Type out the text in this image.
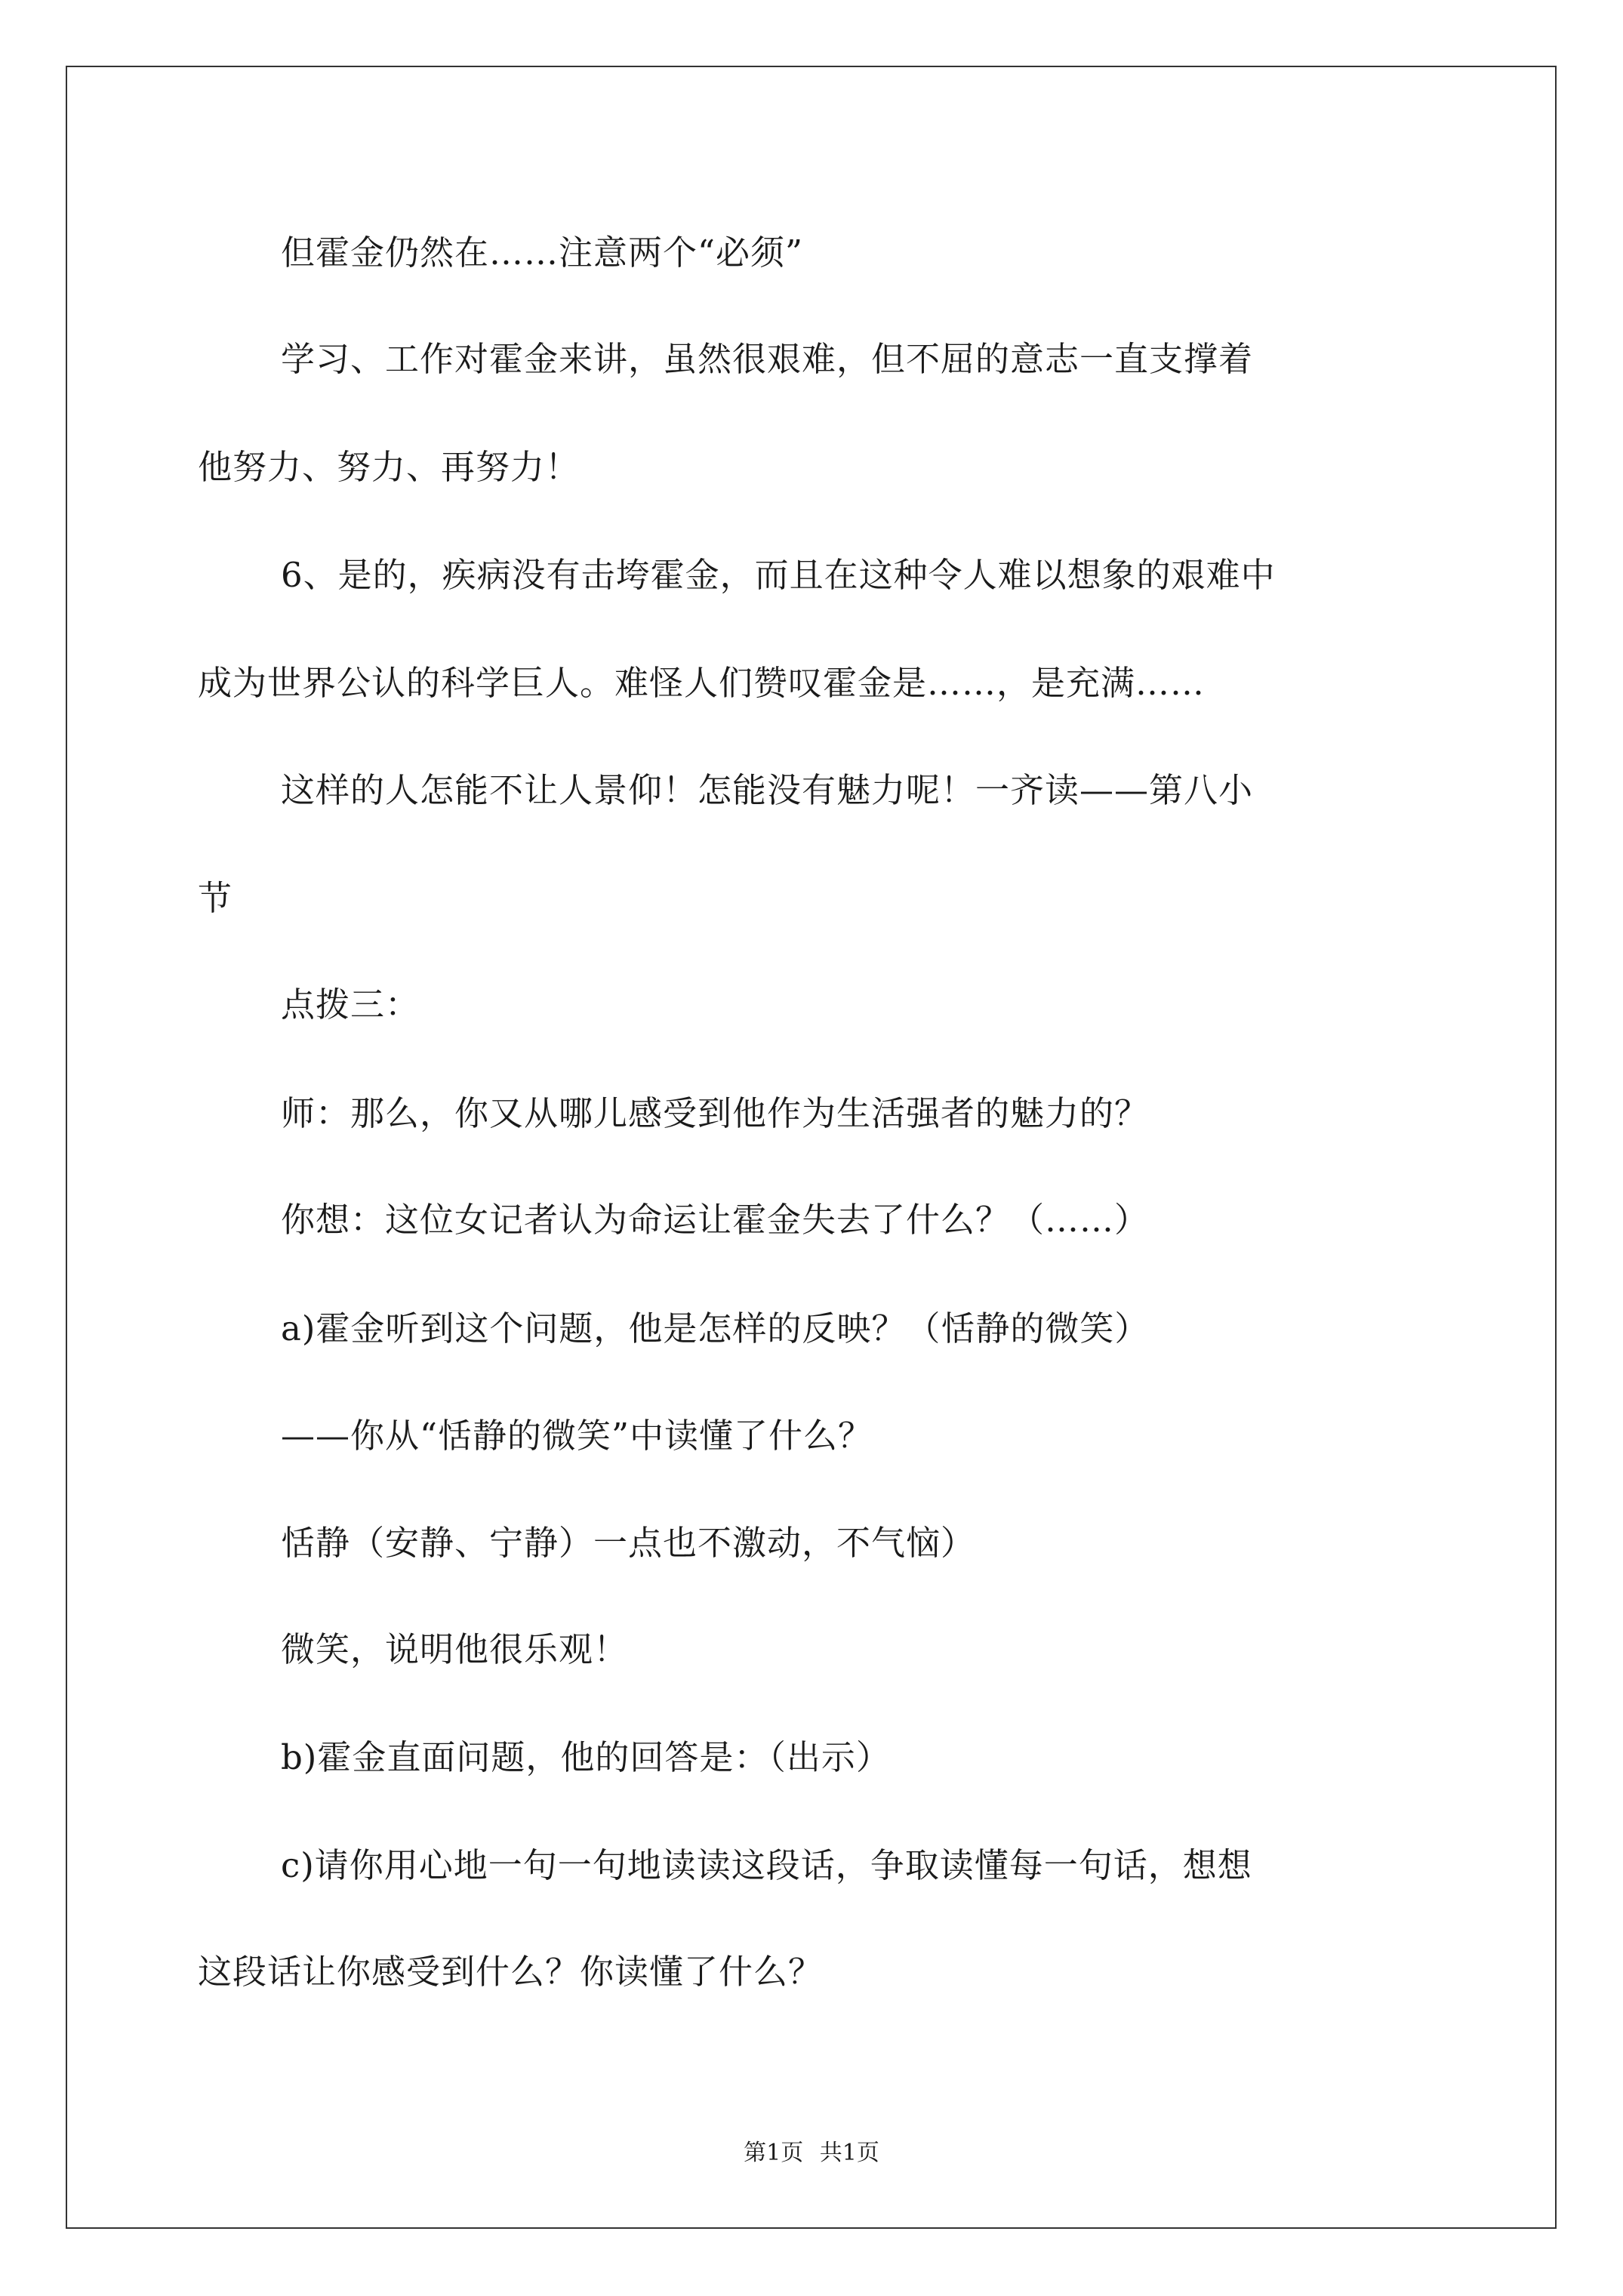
但霍金仍然在……注意两个“必须”
学习、工作对霍金来讲，虽然很艰难，但不屈的意志一直支撑着
他努力、努力、再努力！
6、是的，疾病没有击垮霍金，而且在这种令人难以想象的艰难中
成为世界公认的科学巨人。难怪人们赞叹霍金是……，是充满……
这样的人怎能不让人景仰！怎能没有魅力呢！一齐读——第八小
节
点拨三：
师：那么，你又从哪儿感受到他作为生活强者的魅力的？
你想：这位女记者认为命运让霍金失去了什么？（……）
a)霍金听到这个问题，他是怎样的反映？（恬静的微笑）
——你从“恬静的微笑”中读懂了什么？
恬静（安静、宁静）一点也不激动，不气恼）
微笑，说明他很乐观！
b)霍金直面问题，他的回答是：（出示）
c)请你用心地一句一句地读读这段话，争取读懂每一句话，想想
这段话让你感受到什么？你读懂了什么？
第1页 共1页
